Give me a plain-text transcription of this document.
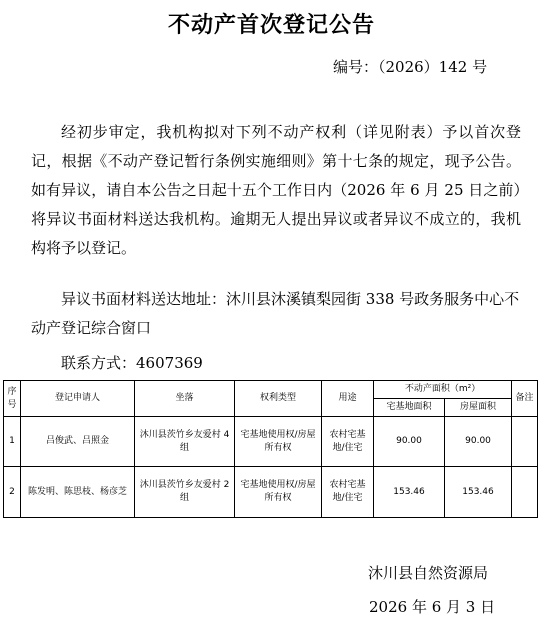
不动产首次登记公告
编号：（2026）142 号
经初步审定，我机构拟对下列不动产权利（详见附表）予以首次登记，根据《不动产登记暂行条例实施细则》第十七条的规定，现予公告。如有异议，请自本公告之日起十五个工作日内（2026 年 6 月 25 日之前）将异议书面材料送达我机构。逾期无人提出异议或者异议不成立的，我机构将予以登记。
异议书面材料送达地址：沐川县沐溪镇梨园街 338 号政务服务中心不动产登记综合窗口
联系方式：4607369
序号	登记申请人	坐落	权利类型	用途	不动产面积（m²）		备注
					宅基地面积	房屋面积	
1	吕俊武、吕照金	沐川县茨竹乡友爱村 4 组	宅基地使用权/房屋所有权	农村宅基地/住宅	90.00	90.00	
2	陈发明、陈思枝、杨彦芝	沐川县茨竹乡友爱村 2 组	宅基地使用权/房屋所有权	农村宅基地/住宅	153.46	153.46	
沐川县自然资源局
2026 年 6 月 3 日
